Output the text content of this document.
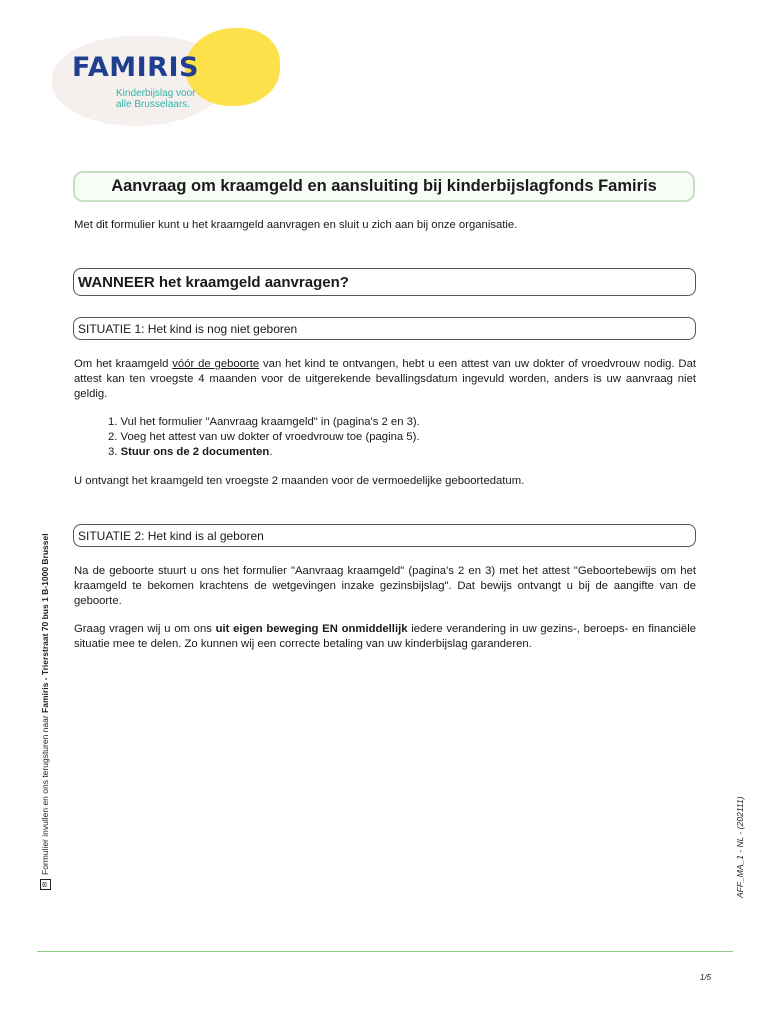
FAMIRIS
Kinderbijslag voor
alle Brusselaars.
Aanvraag om kraamgeld en aansluiting bij kinderbijslagfonds Famiris
Met dit formulier kunt u het kraamgeld aanvragen en sluit u zich aan bij onze organisatie.
WANNEER het kraamgeld aanvragen?
SITUATIE 1: Het kind is nog niet geboren

Om het kraamgeld vóór de geboorte van het kind te ontvangen, hebt u een attest van uw dokter of vroedvrouw nodig. Dat attest kan ten vroegste 4 maanden voor de uitgerekende bevallingsdatum ingevuld worden, anders is uw aanvraag niet geldig.

1. Vul het formulier "Aanvraag kraamgeld" in (pagina's 2 en 3).
2. Voeg het attest van uw dokter of vroedvrouw toe (pagina 5).
3. Stuur ons de 2 documenten.

U ontvangt het kraamgeld ten vroegste 2 maanden voor de vermoedelijke geboortedatum.

SITUATIE 2: Het kind is al geboren

Na de geboorte stuurt u ons het formulier "Aanvraag kraamgeld" (pagina's 2 en 3) met het attest "Geboortebewijs om het kraamgeld te bekomen krachtens de wetgevingen inzake gezinsbijslag". Dat bewijs ontvangt u bij de aangifte van de geboorte.

Graag vragen wij u om ons uit eigen beweging EN onmiddellijk iedere verandering in uw gezins-, beroeps- en financiële situatie mee te delen. Zo kunnen wij een correcte betaling van uw kinderbijslag garanderen.

✉Formulier invullen en ons terugsturen naar Famiris - Trierstraat 70 bus 1 B-1000 Brussel
AFF_MA_1 - NL - (202111)
1/5
